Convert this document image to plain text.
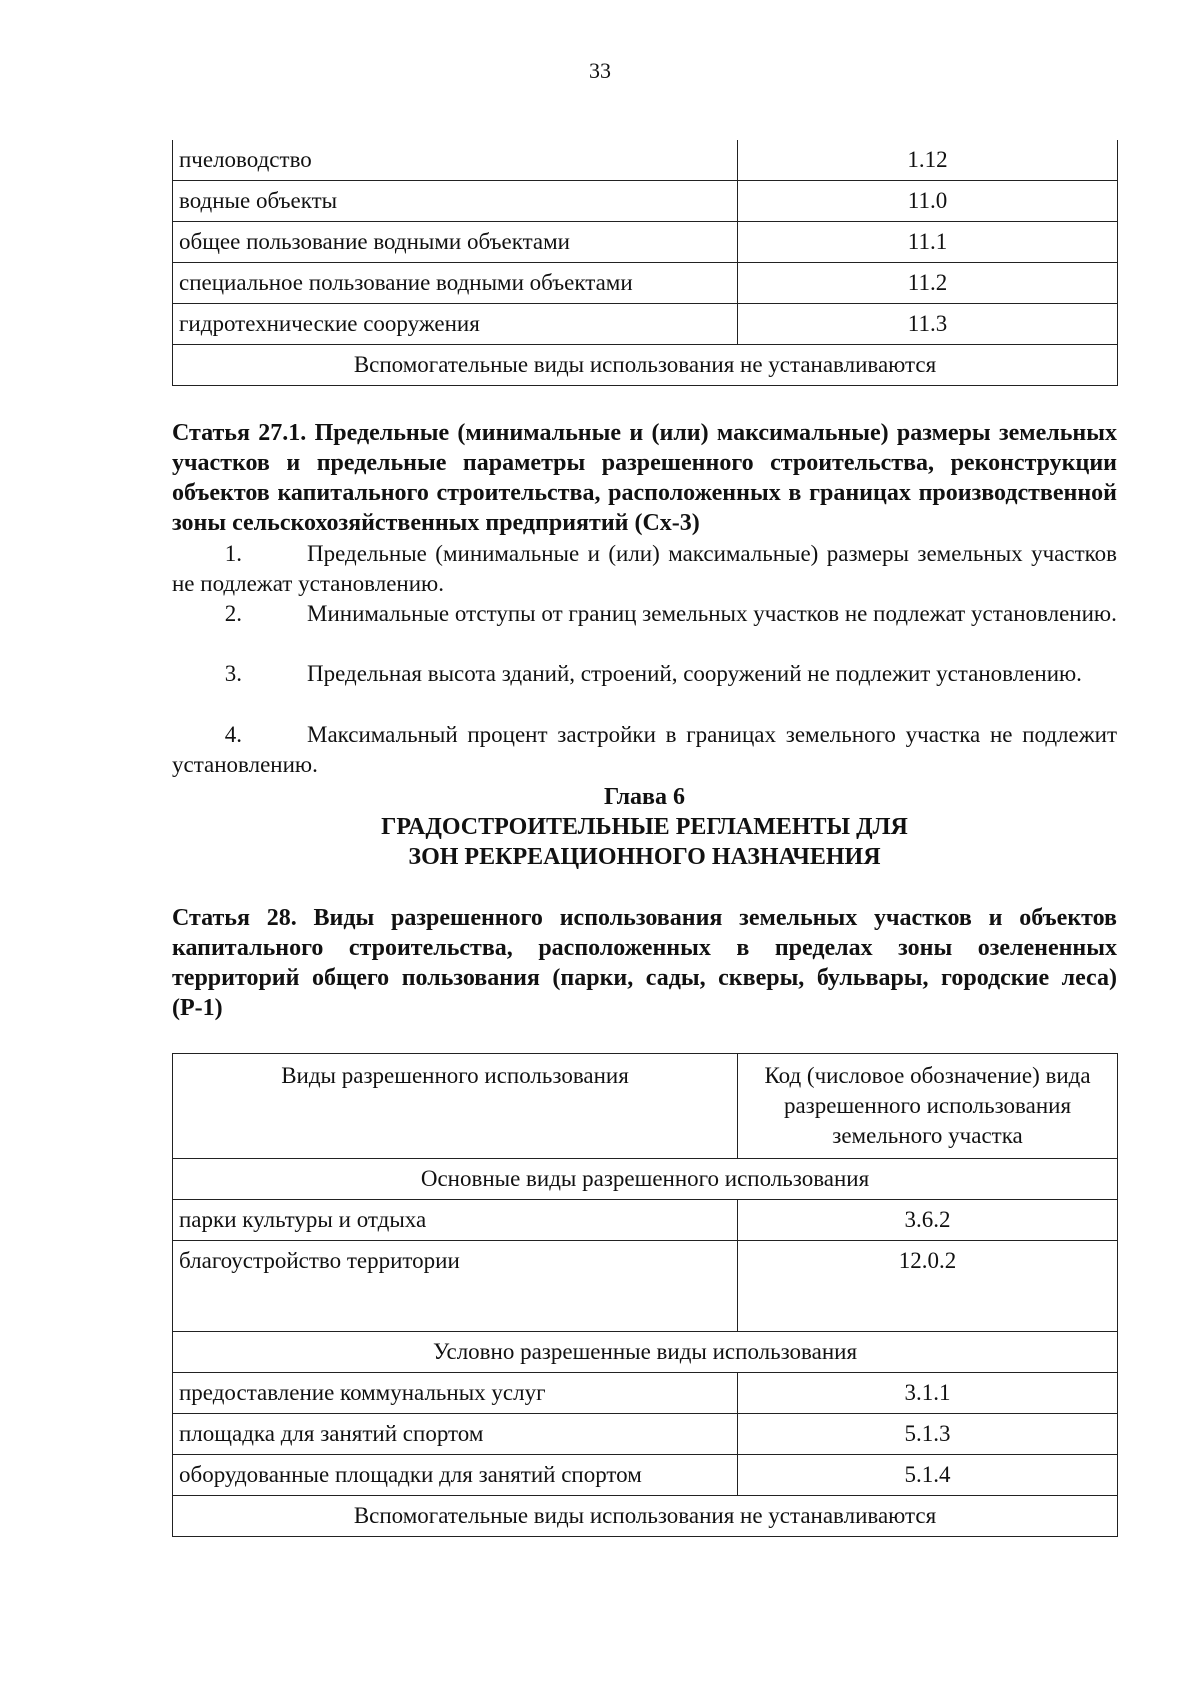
33
пчеловодство	1.12
водные объекты	11.0
общее пользование водными объектами	11.1
специальное пользование водными объектами	11.2
гидротехнические сооружения	11.3
Вспомогательные виды использования не устанавливаются	
Статья 27.1. Предельные (минимальные и (или) максимальные) размеры земельных участков и предельные параметры разрешенного строительства, реконструкции объектов капитального строительства, расположенных в границах производственной зоны сельскохозяйственных предприятий (Сх-3)
1.	Предельные (минимальные и (или) максимальные) размеры земельных участков не подлежат установлению.
2.	Минимальные отступы от границ земельных участков не подлежат установлению.
3.	Предельная высота зданий, строений, сооружений не подлежит установлению.
4.	Максимальный процент застройки в границах земельного участка не подлежит установлению.
Глава 6
ГРАДОСТРОИТЕЛЬНЫЕ РЕГЛАМЕНТЫ ДЛЯ
ЗОН РЕКРЕАЦИОННОГО НАЗНАЧЕНИЯ
Статья 28. Виды разрешенного использования земельных участков и объектов капитального строительства, расположенных в пределах зоны озелененных территорий общего пользования (парки, сады, скверы, бульвары, городские леса) (Р-1)
Виды разрешенного использования	Код (числовое обозначение) вида разрешенного использования земельного участка
Основные виды разрешенного использования	
парки культуры и отдыха	3.6.2
благоустройство территории	12.0.2
Условно разрешенные виды использования	
предоставление коммунальных услуг	3.1.1
площадка для занятий спортом	5.1.3
оборудованные площадки для занятий спортом	5.1.4
Вспомогательные виды использования не устанавливаются	
